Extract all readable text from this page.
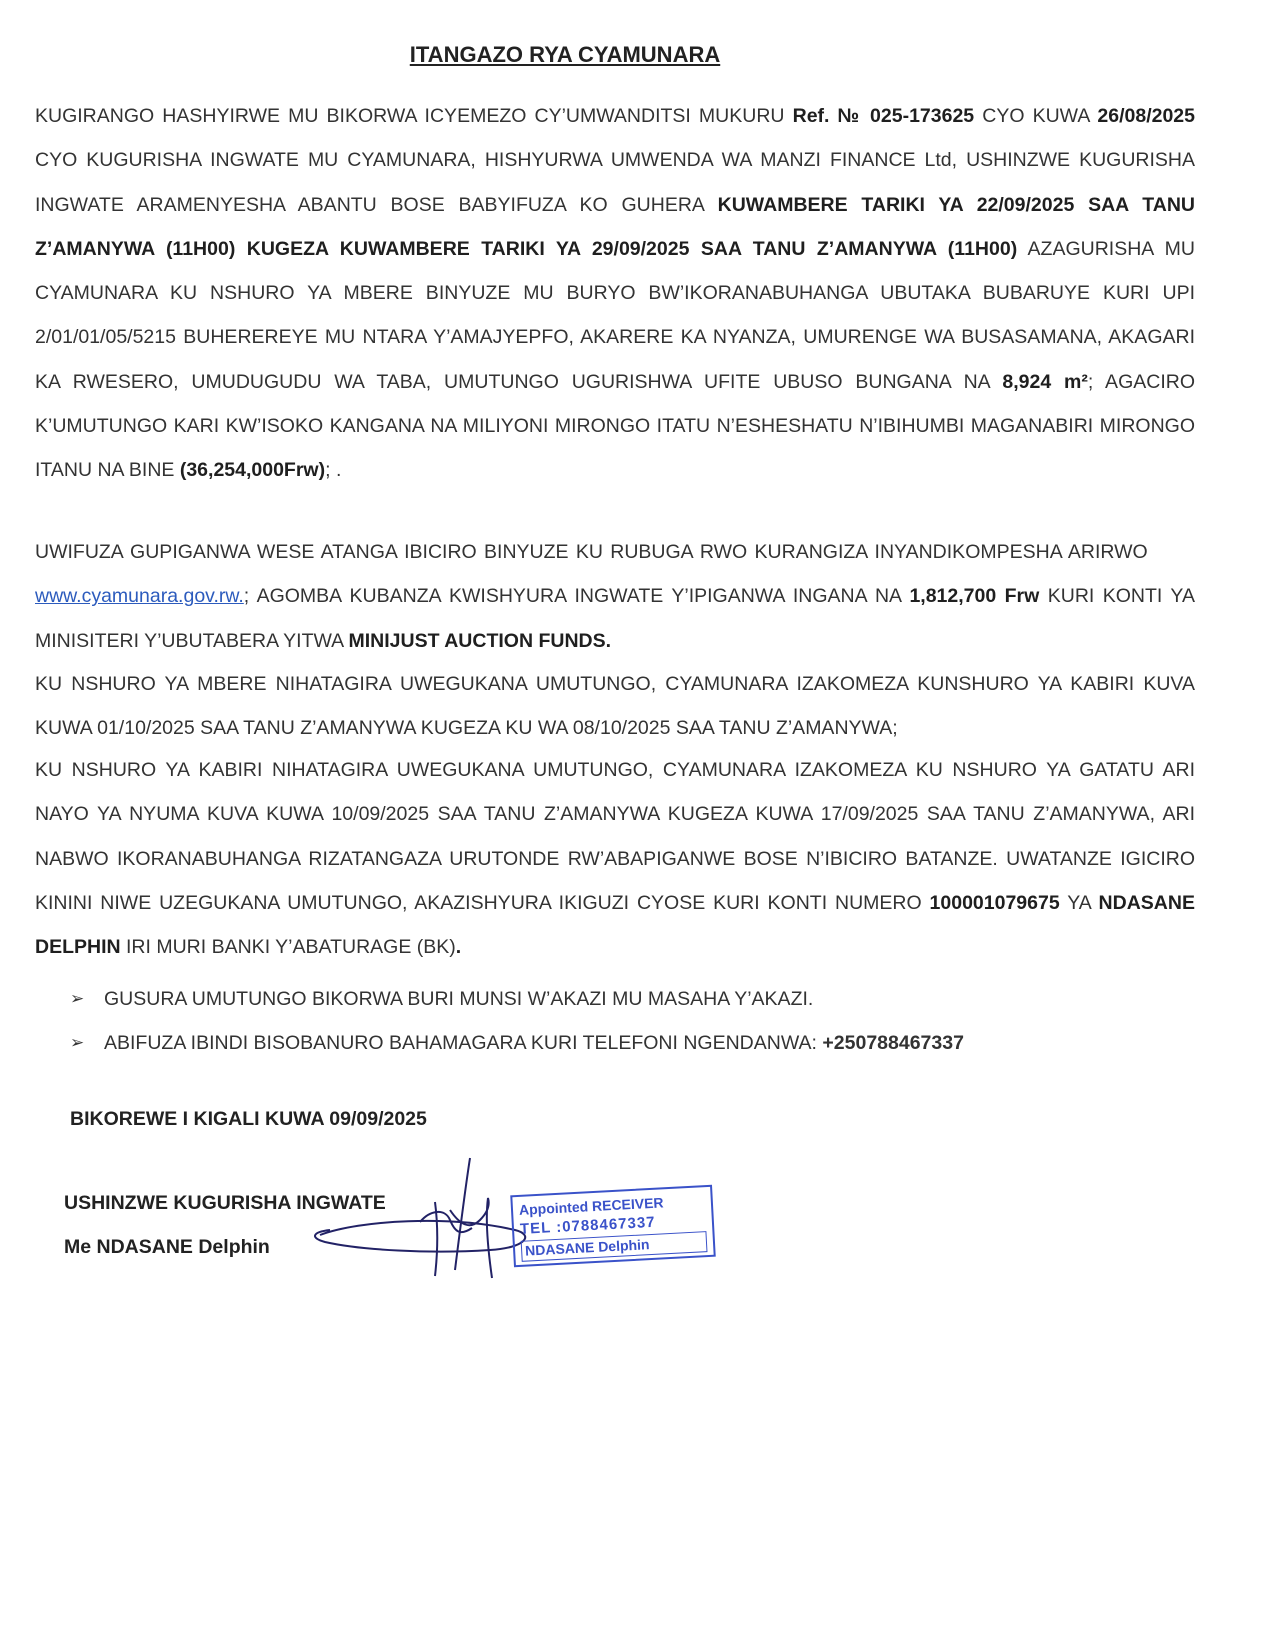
ITANGAZO RYA CYAMUNARA
KUGIRANGO HASHYIRWE MU BIKORWA ICYEMEZO CY’UMWANDITSI MUKURU Ref. № 025-173625 CYO KUWA 26/08/2025 CYO KUGURISHA INGWATE MU CYAMUNARA, HISHYURWA UMWENDA WA MANZI FINANCE Ltd, USHINZWE KUGURISHA INGWATE ARAMENYESHA ABANTU BOSE BABYIFUZA KO GUHERA KUWAMBERE TARIKI YA 22/09/2025 SAA TANU Z’AMANYWA (11H00) KUGEZA KUWAMBERE TARIKI YA 29/09/2025 SAA TANU Z’AMANYWA (11H00) AZAGURISHA MU CYAMUNARA KU NSHURO YA MBERE BINYUZE MU BURYO BW’IKORANABUHANGA UBUTAKA BUBARUYE KURI UPI 2/01/01/05/5215 BUHEREREYE MU NTARA Y’AMAJYEPFO, AKARERE KA NYANZA, UMURENGE WA BUSASAMANA, AKAGARI KA RWESERO, UMUDUGUDU WA TABA, UMUTUNGO UGURISHWA UFITE UBUSO BUNGANA NA 8,924 m²; AGACIRO K’UMUTUNGO KARI KW’ISOKO KANGANA NA MILIYONI MIRONGO ITATU N’ESHESHATU N’IBIHUMBI MAGANABIRI MIRONGO ITANU NA BINE (36,254,000Frw); .
UWIFUZA GUPIGANWA WESE ATANGA IBICIRO BINYUZE KU RUBUGA RWO KURANGIZA INYANDIKOMPESHA ARIRWO www.cyamunara.gov.rw.; AGOMBA KUBANZA KWISHYURA INGWATE Y’IPIGANWA INGANA NA 1,812,700 Frw KURI KONTI YA MINISITERI Y’UBUTABERA YITWA MINIJUST AUCTION FUNDS.
KU NSHURO YA MBERE NIHATAGIRA UWEGUKANA UMUTUNGO, CYAMUNARA IZAKOMEZA KUNSHURO YA KABIRI KUVA KUWA 01/10/2025 SAA TANU Z’AMANYWA KUGEZA KU WA 08/10/2025 SAA TANU Z’AMANYWA;
KU NSHURO YA KABIRI NIHATAGIRA UWEGUKANA UMUTUNGO, CYAMUNARA IZAKOMEZA KU NSHURO YA GATATU ARI NAYO YA NYUMA KUVA KUWA 10/09/2025 SAA TANU Z’AMANYWA KUGEZA KUWA 17/09/2025 SAA TANU Z’AMANYWA, ARI NABWO IKORANABUHANGA RIZATANGAZA URUTONDE RW’ABAPIGANWE BOSE N’IBICIRO BATANZE. UWATANZE IGICIRO KININI NIWE UZEGUKANA UMUTUNGO, AKAZISHYURA IKIGUZI CYOSE KURI KONTI NUMERO 100001079675 YA NDASANE DELPHIN IRI MURI BANKI Y’ABATURAGE (BK).
➢	GUSURA UMUTUNGO BIKORWA BURI MUNSI W’AKAZI MU MASAHA Y’AKAZI.
➢	ABIFUZA IBINDI BISOBANURO BAHAMAGARA KURI TELEFONI NGENDANWA: +250788467337
BIKOREWE I KIGALI KUWA 09/09/2025
USHINZWE KUGURISHA INGWATE
Me NDASANE Delphin
Appointed RECEIVER
TEL :0788467337
NDASANE Delphin
